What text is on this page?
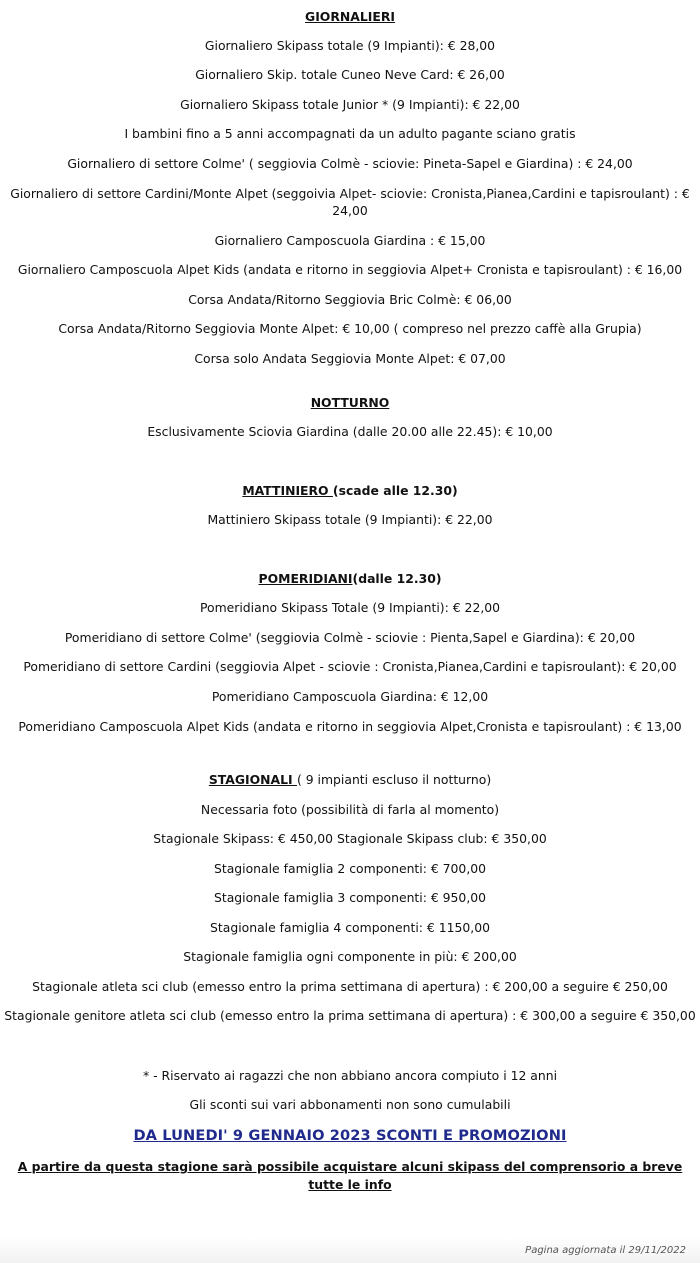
GIORNALIERI
Giornaliero Skipass totale (9 Impianti): € 28,00
Giornaliero Skip. totale Cuneo Neve Card: € 26,00
Giornaliero Skipass totale Junior * (9 Impianti): € 22,00
I bambini fino a 5 anni accompagnati da un adulto pagante sciano gratis
Giornaliero di settore Colme' ( seggiovia Colmè - sciovie: Pineta-Sapel e Giardina) : € 24,00
Giornaliero di settore Cardini/Monte Alpet (seggoivia Alpet- sciovie: Cronista,Pianea,Cardini e tapisroulant) : € 24,00
Giornaliero Camposcuola Giardina : € 15,00
Giornaliero Camposcuola Alpet Kids (andata e ritorno in seggiovia Alpet+ Cronista e tapisroulant) : € 16,00
Corsa Andata/Ritorno Seggiovia Bric Colmè: € 06,00
Corsa Andata/Ritorno Seggiovia Monte Alpet: € 10,00 ( compreso nel prezzo caffè alla Grupia)
Corsa solo Andata Seggiovia Monte Alpet: € 07,00
NOTTURNO
Esclusivamente Sciovia Giardina (dalle 20.00 alle 22.45): € 10,00
MATTINIERO (scade alle 12.30)
Mattiniero Skipass totale (9 Impianti): € 22,00
POMERIDIANI(dalle 12.30)
Pomeridiano Skipass Totale (9 Impianti): € 22,00
Pomeridiano di settore Colme' (seggiovia Colmè - sciovie : Pienta,Sapel e Giardina): € 20,00
Pomeridiano di settore Cardini (seggiovia Alpet - sciovie : Cronista,Pianea,Cardini e tapisroulant): € 20,00
Pomeridiano Camposcuola Giardina: € 12,00
Pomeridiano Camposcuola Alpet Kids (andata e ritorno in seggiovia Alpet,Cronista e tapisroulant) : € 13,00
STAGIONALI ( 9 impianti escluso il notturno)
Necessaria foto (possibilità di farla al momento)
Stagionale Skipass: € 450,00 Stagionale Skipass club: € 350,00
Stagionale famiglia 2 componenti: € 700,00
Stagionale famiglia 3 componenti: € 950,00
Stagionale famiglia 4 componenti: € 1150,00
Stagionale famiglia ogni componente in più: € 200,00
Stagionale atleta sci club (emesso entro la prima settimana di apertura) : € 200,00 a seguire € 250,00
Stagionale genitore atleta sci club (emesso entro la prima settimana di apertura) : € 300,00 a seguire € 350,00
* - Riservato ai ragazzi che non abbiano ancora compiuto i 12 anni
Gli sconti sui vari abbonamenti non sono cumulabili
DA LUNEDI' 9 GENNAIO 2023 SCONTI E PROMOZIONI
A partire da questa stagione sarà possibile acquistare alcuni skipass del comprensorio a breve tutte le info
Pagina aggiornata il 29/11/2022
